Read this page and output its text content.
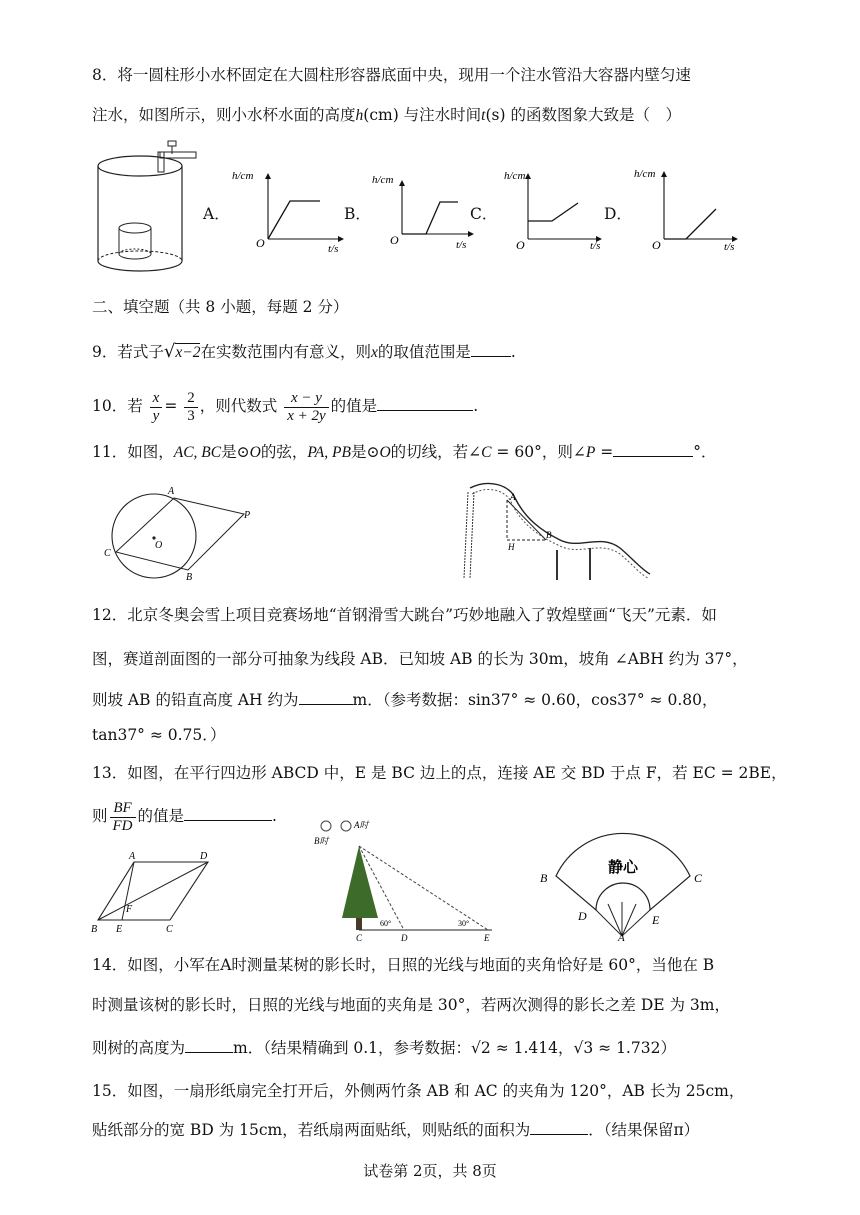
8．将一圆柱形小水杯固定在大圆柱形容器底面中央，现用一个注水管沿大容器内壁匀速
注水，如图所示，则小水杯水面的高度h(cm) 与注水时间t(s) 的函数图象大致是（　）
A．
h/cm
O	t/s
B．
h/cm
O	t/s
C．
h/cm
O	t/s
D．
h/cm
O	t/s
二、填空题（共 8 小题，每题 2 分）
9．若式子√x−2在实数范围内有意义，则x的取值范围是	.
10．若 $\frac{x}{y} = \frac{2}{3}$ ，则代数式 $\frac{x - y}{x + 2y}$ 的值是	.
11．如图，AC, BC是⊙O的弦，PA, PB是⊙O的切线，若∠C = 60°，则∠P =	°．
A
C
O
P
B
A
H
B
12．北京冬奥会雪上项目竞赛场地“首钢滑雪大跳台”巧妙地融入了敦煌壁画“飞天”元素．如
图，赛道剖面图的一部分可抽象为线段 AB．已知坡 AB 的长为 30m，坡角 ∠ABH 约为 37°，
则坡 AB 的铅直高度 AH 约为	m．（参考数据：sin37° ≈ 0.60，cos37° ≈ 0.80，
tan37° ≈ 0.75．）
13．如图，在平行四边形 ABCD 中，E 是 BC 边上的点，连接 AE 交 BD 于点 F，若 EC = 2BE，
则 $\frac{BF}{FD}$ 的值是	.
A	D
F
B E	C
A时
B时
60°	30°
C	D	E
静心
B	C
D	E
A
14．如图，小军在A时测量某树的影长时，日照的光线与地面的夹角恰好是 60°，当他在 B
时测量该树的影长时，日照的光线与地面的夹角是 30°，若两次测得的影长之差 DE 为 3m，
则树的高度为	m．（结果精确到 0.1，参考数据：√2 ≈ 1.414，√3 ≈ 1.732）
15．如图，一扇形纸扇完全打开后，外侧两竹条 AB 和 AC 的夹角为 120°，AB 长为 25cm，
贴纸部分的宽 BD 为 15cm，若纸扇两面贴纸，则贴纸的面积为	．（结果保留π）
试卷第 2页，共 8页
